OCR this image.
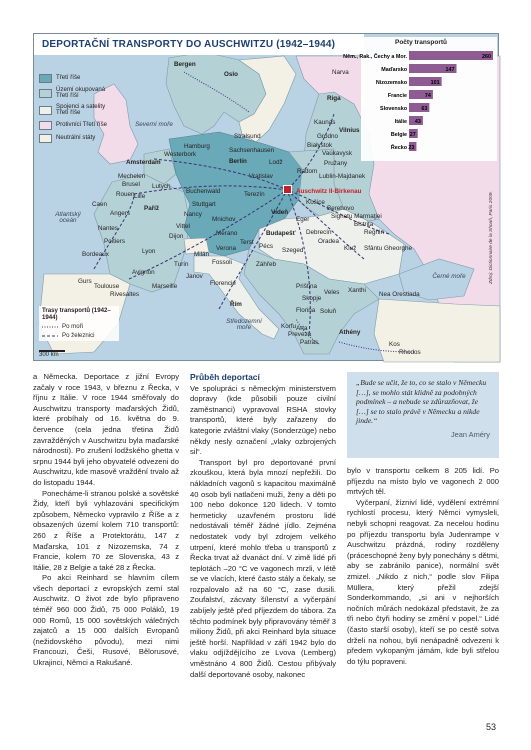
DEPORTAČNÍ TRANSPORTY DO AUSCHWITZU (1942–1944)
Třetí říše
Území okupovaná Třetí říší
Spojenci a satelity Třetí říše
Protivníci Třetí říše
Neutrální státy
Trasy transportů (1942–1944)
Po moři
Po železnici
300 km
Severní moře
Atlantský oceán
Černé moře
Středozemní moře
Auschwitz II-Birkenau
Bergen
Oslo	Narva
Riga
Kaunas
Vilnius
Grodno
Białystok
Vaúkavysk
Pružany
Hamburg
Westerbork
Stralsund
Sachsenhausen
Berlín	Lodž
Radom
Lublin-Majdanek
Amsterdam
Mechelen
Brusel Lutych
Buchenwald
Vratislav
Rouen Lille
Angers
Caen
Paříž
Nancy
Stuttgart
Mnichov
Terezín
Vídeň
Košice
Berehovo
Eger	Sighetu Marmaţiei
Bistriţa
Reghin
Nantes
Poitiers
Dijon
Vittel
Merano	Budapešť Debrecín
Oradea
Szeged	Kluž Sfântu Gheorghe
Bordeaux	Lyon
Turín
Milán
Verona
Terst
Pécs
Záhřeb
Fossoli
Avignon
Janov
Florencie
Gurs
Toulouse
Rivesaltes
Marseille
Řím
Priština
Skopje
Veles Xanthi
Nea Orestiada
Florina Soluň
Korfu Arta
Preveza
Patras
Athény
Kos
Rhodos
Počty transportů
Něm., Rak., Čechy a Mor.	260
Maďarsko	147
Nizozemsko	101
Francie	74
Slovensko	63
Itálie 43
Belgie 27
Řecko 23
Zdroj: Dictionnaire de la Shoah, Paris 2009.

a Německa. Deportace z jižní Evropy začaly v roce 1943, v březnu z Řecka, v říjnu z Itálie. V roce 1944 směřovaly do Auschwitzu transporty maďarských Židů, které probíhaly od 16. května do 9. července (cela jedna třetina Židů zavražděných v Auschwitzu byla maďarské národnosti). Po zrušení lodžského ghetta v srpnu 1944 byli jeho obyvatelé odvezeni do Auschwitzu, kde masově vraždění trvalo až do listopadu 1944.

Ponecháme-li stranou polské a sovětské Židy, kteří byli vyhlazováni specifickým způsobem, Německo vypravilo z Říše a z obsazených území kolem 710 transportů: 260 z Říše a Protektorátu, 147 z Maďarska, 101 z Nizozemska, 74 z Francie, kolem 70 ze Slovenska, 43 z Itálie, 28 z Belgie a také 28 z Řecka.

Po akci Reinhard se hlavním cílem všech deportací z evropských zemí stal Auschwitz. O život zde bylo připraveno téměř 960 000 Židů, 75 000 Poláků, 19 000 Romů, 15 000 sovětských válečných zajatců a 15 000 dalších Evropanů (nežidovského původu), mezi nimi Francouzi, Češi, Rusové, Bělorusové, Ukrajinci, Němci a Rakušané.

Průběh deportací

Ve spolupráci s německým ministerstvem dopravy (kde působili pouze civilní zaměstnanci) vypravoval RSHA stovky transportů, které byly zařazeny do kategorie zvláštní vlaky (Sonderzüge) nebo někdy nesly označení „vlaky ozbrojených sil“.

Transport byl pro deportované první zkouškou, která byla mnozí nepřežili. Do nákladních vagonů s kapacitou maximálně 40 osob byli natlačeni muži, ženy a děti po 100 nebo dokonce 120 lidech. V tomto hermeticky uzavřeném prostoru lidé nedostávali téměř žádné jídlo. Zejména nedostatek vody byl zdrojem velkého utrpení, které mohlo třeba u transportů z Řecka trvat až dvanáct dní. V zimě lidé při teplotách –20 °C ve vagonech mrzli, v létě se ve vlacích, které často stály a čekaly, se rozpalovalo až na 60 °C, zase dusili. Zoufalství, zácvaty šílenství a vyčerpání zabíjely ještě před příjezdem do tábora. Za těchto podmínek byly připravovány téměř 3 miliony Židů, při akci Reinhard byla situace ještě horší. Například v září 1942 bylo do vlaku odjíždějícího ze Lvova (Lemberg) vměstnáno 4 800 Židů. Cestou přibývaly další deportované osoby, nakonec

„Bude se učit, že to, co se stalo v Německu […], se mohlo stát klidně za podobných podmínek – a nebude se zdůrazňovat, že […] se to stalo právě v Německu a nikde jinde.“
Jean Améry

bylo v transportu celkem 8 205 lidí. Po příjezdu na místo bylo ve vagonech 2 000 mrtvých těl.

Vyčerpaní, žízniví lidé, vydělení extrémní rychlostí procesu, který Němci vymysleli, nebyli schopni reagovat. Za necelou hodinu po příjezdu transportu byla Judenrampe v Auschwitzu prázdná, rodiny rozděleny (práceschopné ženy byly ponechány s dětmi, aby se zabránilo panice), normální svět zmizel. „Nikdo z nich,“ podle slov Filipa Müllera, který přežil zdejší Sonderkommando, „si ani v nejhorších nočních můrách nedokázal představit, že za tři nebo čtyři hodiny se změní v popel.“ Lidé (často starší osoby), kteří se po cestě sotva drželi na nohou, byli nenápadně odvezeni k předem vykopaným jámám, kde byli střelou do týlu popraveni.

53
